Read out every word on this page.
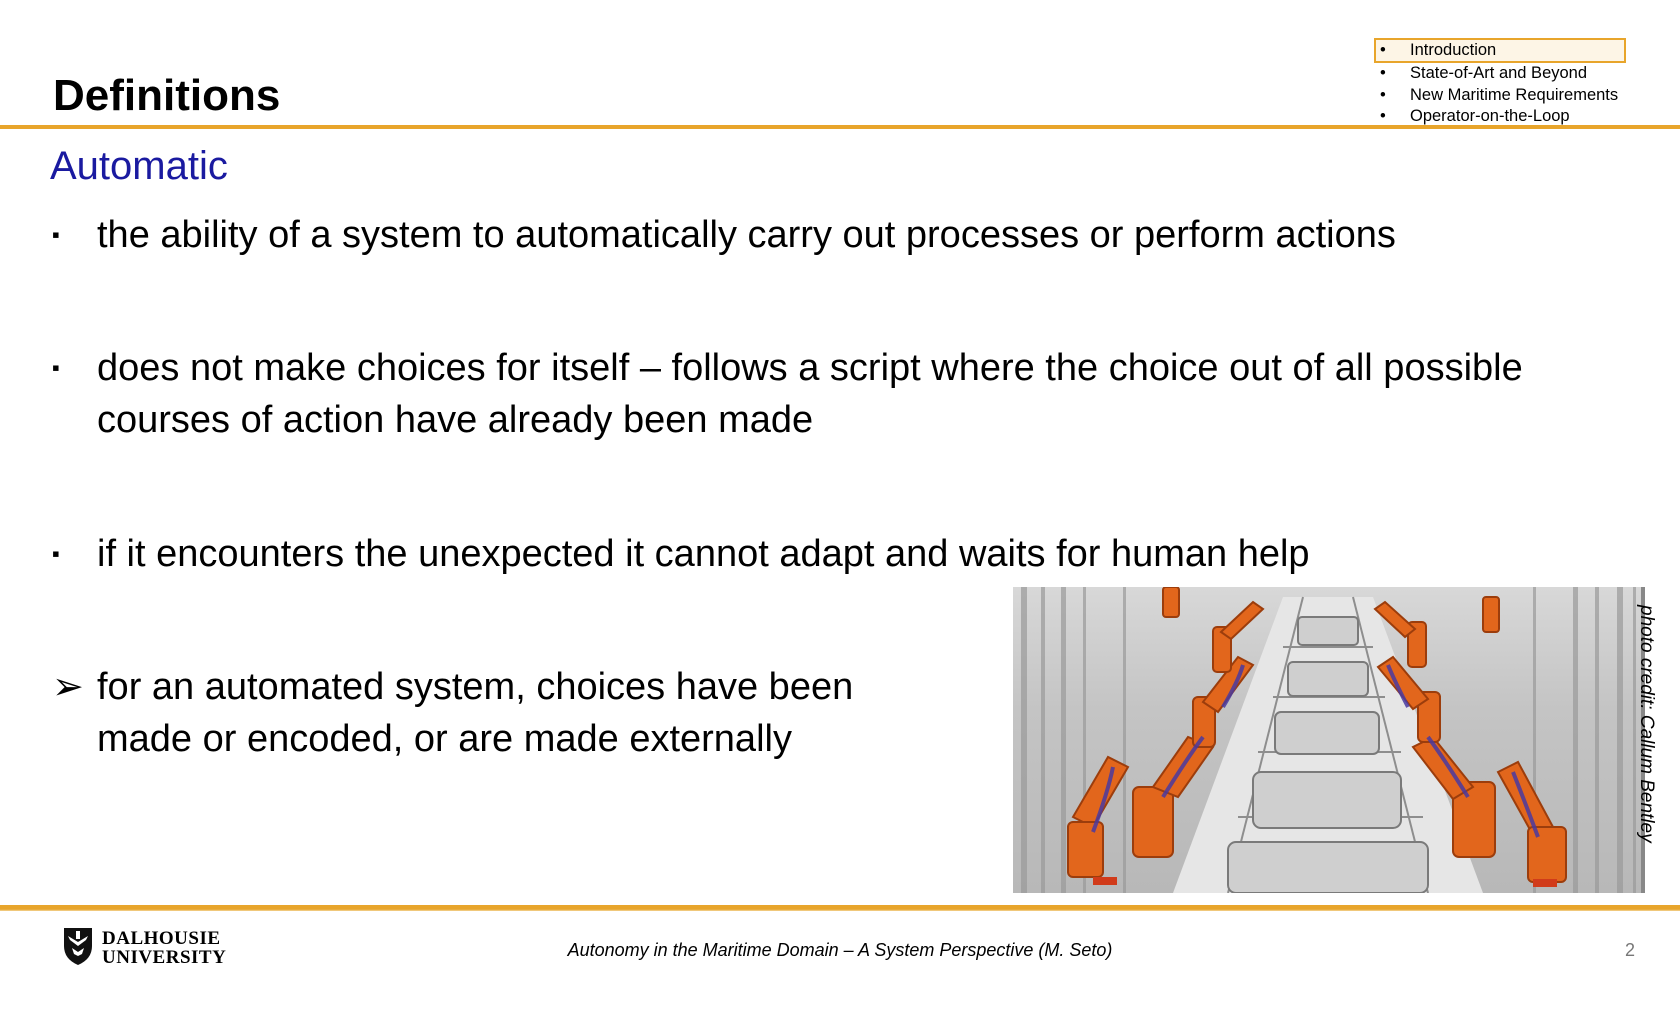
Definitions
• Introduction
• State-of-Art and Beyond
• New Maritime Requirements
• Operator-on-the-Loop
Automatic
▪ the ability of a system to automatically carry out processes or perform actions
▪ does not make choices for itself – follows a script where the choice out of all possible courses of action have already been made
▪ if it encounters the unexpected it cannot adapt and waits for human help
➢ for an automated system, choices have been made or encoded, or are made externally	photo credit: Callum Bentley
DALHOUSIE
UNIVERSITY	Autonomy in the Maritime Domain – A System Perspective (M. Seto)	2
